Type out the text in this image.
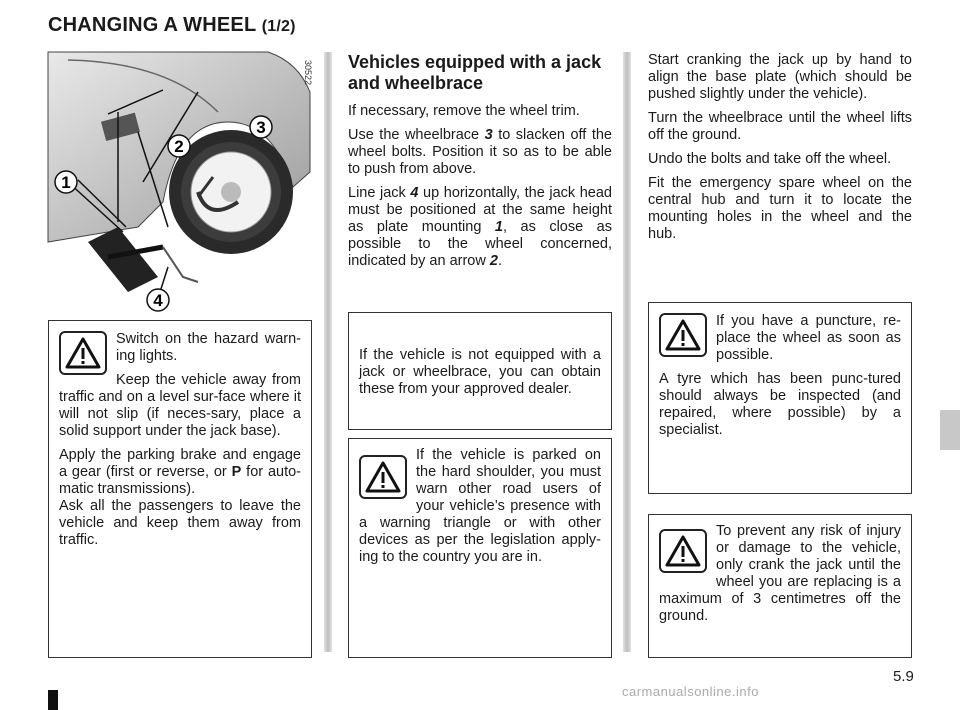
CHANGING A WHEEL (1/2)
1
2
3
4
30522 Vehicles equipped with a jack and wheelbrace

If necessary, remove the wheel trim.

Use the wheelbrace 3 to slacken off the wheel bolts. Position it so as to be able to push from above.

Line jack 4 up horizontally, the jack head must be positioned at the same height as plate mounting 1, as close as possible to the wheel concerned, indicated by an arrow 2.

Start cranking the jack up by hand to align the base plate (which should be pushed slightly under the vehicle).

Turn the wheelbrace until the wheel lifts off the ground.

Undo the bolts and take off the wheel.

Fit the emergency spare wheel on the central hub and turn it to locate the mounting holes in the wheel and the hub.

Switch on the hazard warn-ing lights.

Keep the vehicle away from traffic and on a level sur-face where it will not slip (if neces-sary, place a solid support under the jack base).

Apply the parking brake and engage a gear (first or reverse, or P for auto-matic transmissions).
Ask all the passengers to leave the vehicle and keep them away from traffic.

If the vehicle is not equipped with a jack or wheelbrace, you can obtain these from your approved dealer.

If the vehicle is parked on the hard shoulder, you must warn other road users of your vehicle’s presence with a warning triangle or with other devices as per the legislation apply-ing to the country you are in.

If you have a puncture, re-place the wheel as soon as possible.

A tyre which has been punc-tured should always be inspected (and repaired, where possible) by a specialist.

To prevent any risk of injury or damage to the vehicle, only crank the jack until the wheel you are replacing is a maximum of 3 centimetres off the ground.

5.9
carmanualsonline.info
